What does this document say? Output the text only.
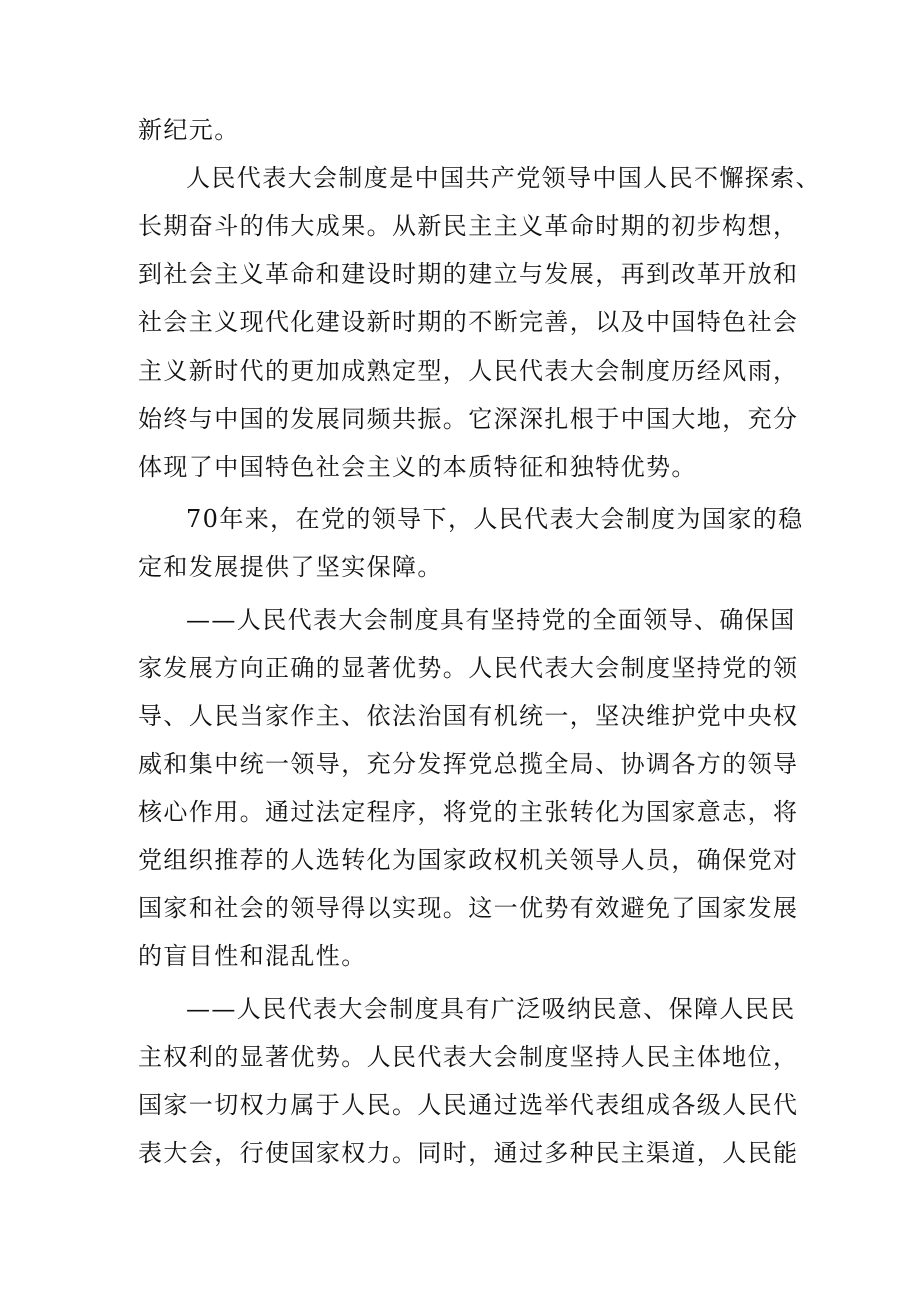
新纪元。
人民代表大会制度是中国共产党领导中国人民不懈探索、
长期奋斗的伟大成果。从新民主主义革命时期的初步构想，
到社会主义革命和建设时期的建立与发展，再到改革开放和
社会主义现代化建设新时期的不断完善，以及中国特色社会
主义新时代的更加成熟定型，人民代表大会制度历经风雨，
始终与中国的发展同频共振。它深深扎根于中国大地，充分
体现了中国特色社会主义的本质特征和独特优势。
70年来，在党的领导下，人民代表大会制度为国家的稳
定和发展提供了坚实保障。
——人民代表大会制度具有坚持党的全面领导、确保国
家发展方向正确的显著优势。人民代表大会制度坚持党的领
导、人民当家作主、依法治国有机统一，坚决维护党中央权
威和集中统一领导，充分发挥党总揽全局、协调各方的领导
核心作用。通过法定程序，将党的主张转化为国家意志，将
党组织推荐的人选转化为国家政权机关领导人员，确保党对
国家和社会的领导得以实现。这一优势有效避免了国家发展
的盲目性和混乱性。
——人民代表大会制度具有广泛吸纳民意、保障人民民
主权利的显著优势。人民代表大会制度坚持人民主体地位，
国家一切权力属于人民。人民通过选举代表组成各级人民代
表大会，行使国家权力。同时，通过多种民主渠道，人民能
